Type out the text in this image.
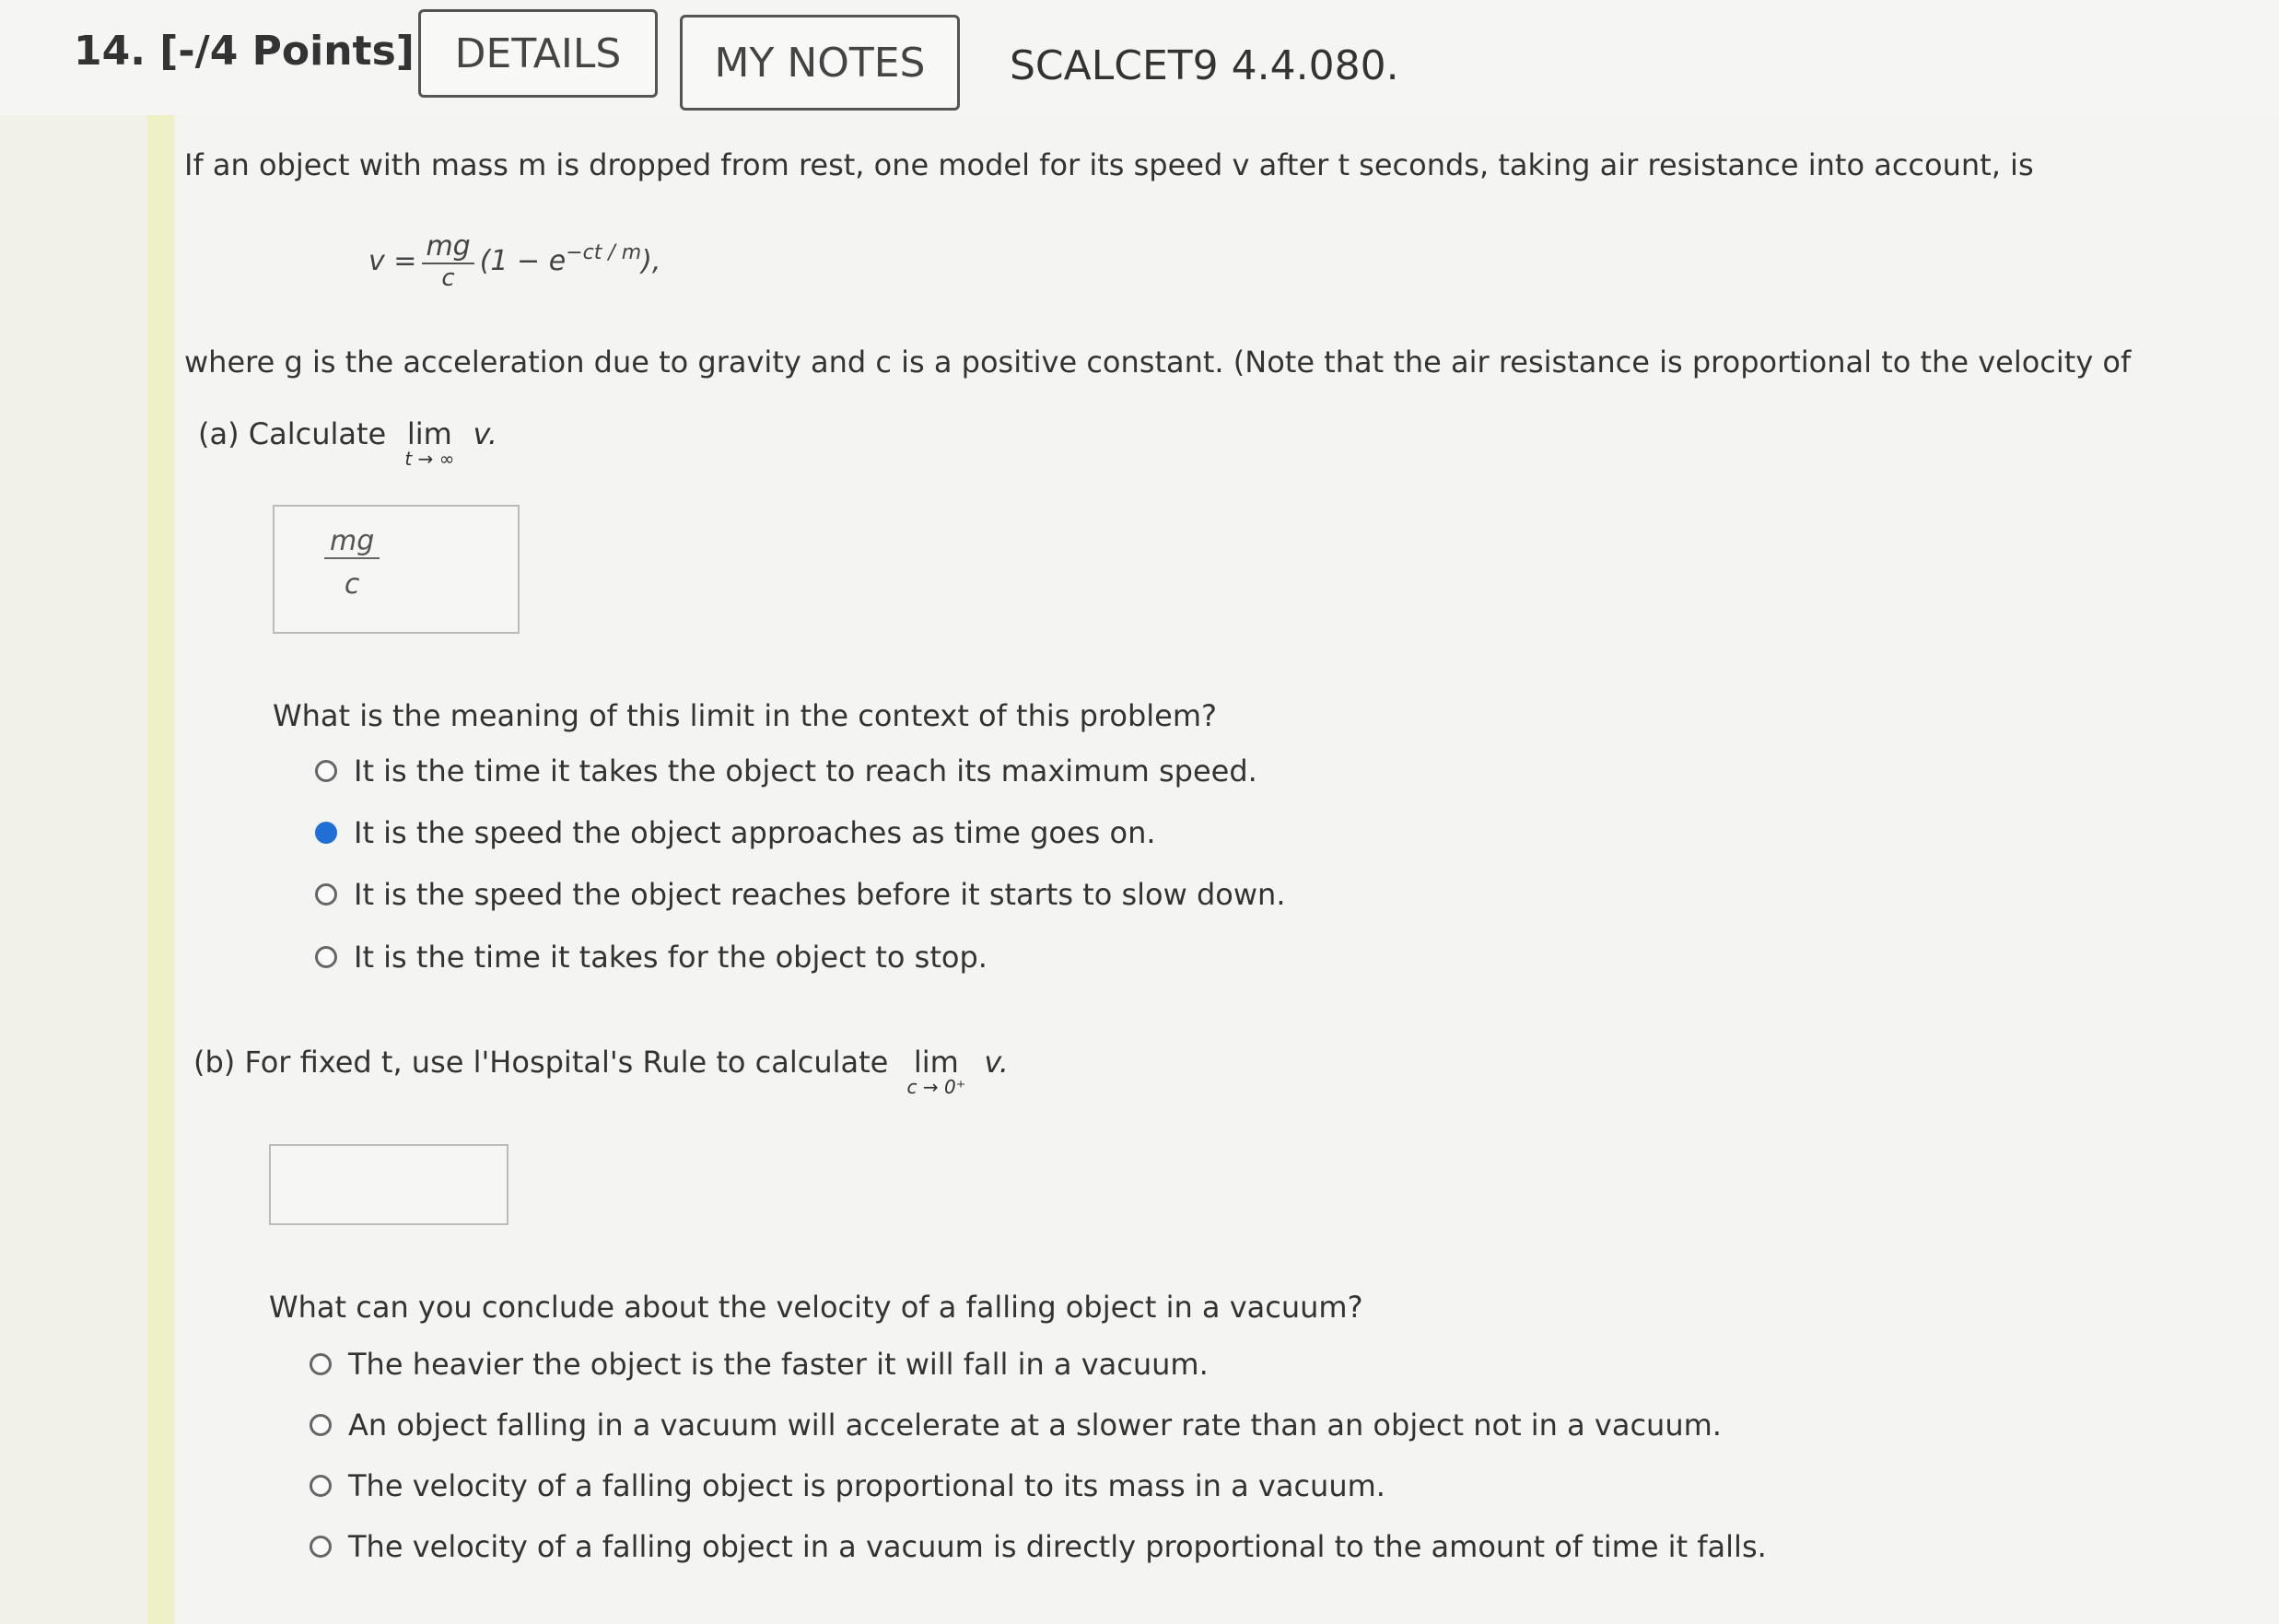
14. [-/4 Points] DETAILS	MY NOTES	SCALCET9 4.4.080.
If an object with mass m is dropped from rest, one model for its speed v after t seconds, taking air resistance into account, is
$v = \frac{mg}{c} (1 - e^{-ct / m}$ ),
where g is the acceleration due to gravity and c is a positive constant. (Note that the air resistance is proportional to the velocity of
(a) Calculate lim
t → ∞
v.
$\frac{mg}{c}$
What is the meaning of this limit in the context of this problem?
It is the time it takes the object to reach its maximum speed.
It is the speed the object approaches as time goes on.
It is the speed the object reaches before it starts to slow down.
It is the time it takes for the object to stop.
(b) For fixed t, use l'Hospital's Rule to calculate lim
c → 0⁺
v.
What can you conclude about the velocity of a falling object in a vacuum?
The heavier the object is the faster it will fall in a vacuum.
An object falling in a vacuum will accelerate at a slower rate than an object not in a vacuum.
The velocity of a falling object is proportional to its mass in a vacuum.
The velocity of a falling object in a vacuum is directly proportional to the amount of time it falls.
